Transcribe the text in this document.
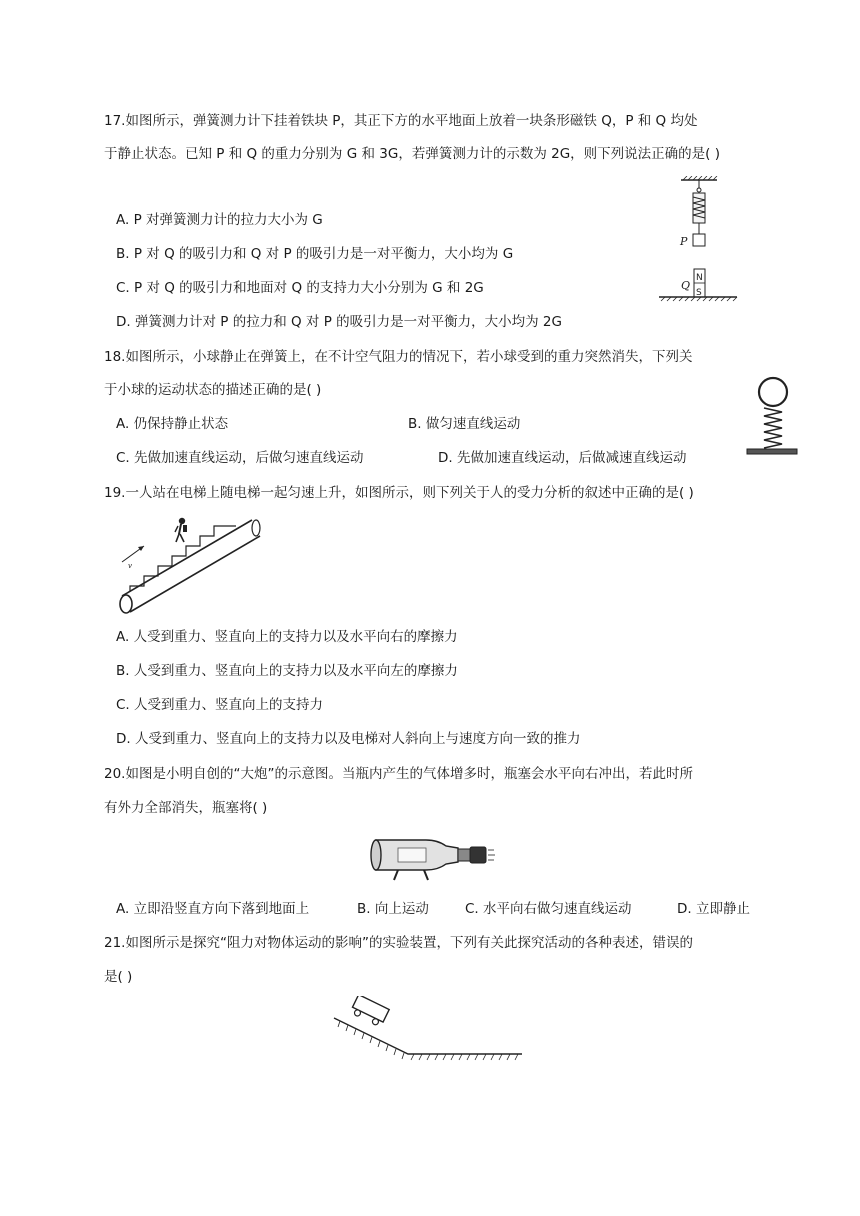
17.如图所示，弹簧测力计下挂着铁块 P，其正下方的水平地面上放着一块条形磁铁 Q，P 和 Q 均处
于静止状态。已知 P 和 Q 的重力分别为 G 和 3G，若弹簧测力计的示数为 2G，则下列说法正确的是( )
A. P 对弹簧测力计的拉力大小为 G
B. P 对 Q 的吸引力和 Q 对 P 的吸引力是一对平衡力，大小均为 G
C. P 对 Q 的吸引力和地面对 Q 的支持力大小分别为 G 和 2G
D. 弹簧测力计对 P 的拉力和 Q 对 P 的吸引力是一对平衡力，大小均为 2G
P
N
S
Q
18.如图所示，小球静止在弹簧上，在不计空气阻力的情况下，若小球受到的重力突然消失，下列关
于小球的运动状态的描述正确的是( )
A. 仍保持静止状态	B. 做匀速直线运动
C. 先做加速直线运动，后做匀速直线运动	D. 先做加速直线运动，后做减速直线运动
19.一人站在电梯上随电梯一起匀速上升，如图所示，则下列关于人的受力分析的叙述中正确的是( )
v
A. 人受到重力、竖直向上的支持力以及水平向右的摩擦力
B. 人受到重力、竖直向上的支持力以及水平向左的摩擦力
C. 人受到重力、竖直向上的支持力
D. 人受到重力、竖直向上的支持力以及电梯对人斜向上与速度方向一致的推力
20.如图是小明自创的“大炮”的示意图。当瓶内产生的气体增多时，瓶塞会水平向右冲出，若此时所
有外力全部消失，瓶塞将( )
A. 立即沿竖直方向下落到地面上	B. 向上运动	C. 水平向右做匀速直线运动	D. 立即静止
21.如图所示是探究“阻力对物体运动的影响”的实验装置，下列有关此探究活动的各种表述，错误的
是( )
